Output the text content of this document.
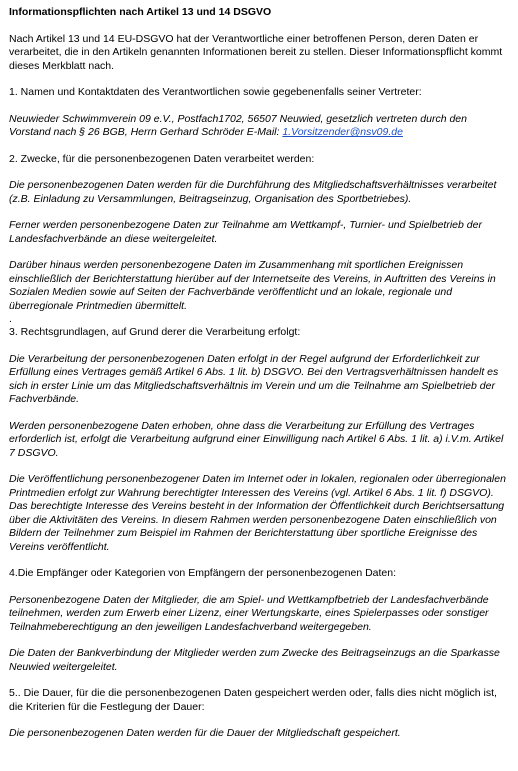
Informationspflichten nach Artikel 13 und 14 DSGVO

Nach Artikel 13 und 14 EU-DSGVO hat der Verantwortliche einer betroffenen Person, deren Daten er verarbeitet, die in den Artikeln genannten Informationen bereit zu stellen. Dieser Informationspflicht kommt dieses Merkblatt nach.

1. Namen und Kontaktdaten des Verantwortlichen sowie gegebenenfalls seiner Vertreter:

Neuwieder Schwimmverein 09 e.V., Postfach1702, 56507 Neuwied, gesetzlich vertreten durch den Vorstand nach § 26 BGB, Herrn Gerhard Schröder E-Mail: 1.Vorsitzender@nsv09.de

2. Zwecke, für die personenbezogenen Daten verarbeitet werden:

Die personenbezogenen Daten werden für die Durchführung des Mitgliedschaftsverhältnisses verarbeitet (z.B. Einladung zu Versammlungen, Beitragseinzug, Organisation des Sportbetriebes).

Ferner werden personenbezogene Daten zur Teilnahme am Wettkampf-, Turnier- und Spielbetrieb der Landesfachverbände an diese weitergeleitet.

Darüber hinaus werden personenbezogene Daten im Zusammenhang mit sportlichen Ereignissen einschließlich der Berichterstattung hierüber auf der Internetseite des Vereins, in Auftritten des Vereins in Sozialen Medien sowie auf Seiten der Fachverbände veröffentlicht und an lokale, regionale und überregionale Printmedien übermittelt.

.

3. Rechtsgrundlagen, auf Grund derer die Verarbeitung erfolgt:

Die Verarbeitung der personenbezogenen Daten erfolgt in der Regel aufgrund der Erforderlichkeit zur Erfüllung eines Vertrages gemäß Artikel 6 Abs. 1 lit. b) DSGVO. Bei den Vertragsverhältnissen handelt es sich in erster Linie um das Mitgliedschaftsverhältnis im Verein und um die Teilnahme am Spielbetrieb der Fachverbände.

Werden personenbezogene Daten erhoben, ohne dass die Verarbeitung zur Erfüllung des Vertrages erforderlich ist, erfolgt die Verarbeitung aufgrund einer Einwilligung nach Artikel 6 Abs. 1 lit. a) i.V.m. Artikel 7 DSGVO.

Die Veröffentlichung personenbezogener Daten im Internet oder in lokalen, regionalen oder überregionalen Printmedien erfolgt zur Wahrung berechtigter Interessen des Vereins (vgl. Artikel 6 Abs. 1 lit. f) DSGVO). Das berechtigte Interesse des Vereins besteht in der Information der Öffentlichkeit durch Berichtsersattung über die Aktivitäten des Vereins. In diesem Rahmen werden personenbezogene Daten einschließlich von Bildern der Teilnehmer zum Beispiel im Rahmen der Berichterstattung über sportliche Ereignisse des Vereins veröffentlicht.

4.Die Empfänger oder Kategorien von Empfängern der personenbezogenen Daten:

Personenbezogene Daten der Mitglieder, die am Spiel- und Wettkampfbetrieb der Landesfachverbände teilnehmen, werden zum Erwerb einer Lizenz, einer Wertungskarte, eines Spielerpasses oder sonstiger Teilnahmeberechtigung an den jeweiligen Landesfachverband weitergegeben.

Die Daten der Bankverbindung der Mitglieder werden zum Zwecke des Beitragseinzugs an die Sparkasse Neuwied weitergeleitet.

5.. Die Dauer, für die die personenbezogenen Daten gespeichert werden oder, falls dies nicht möglich ist, die Kriterien für die Festlegung der Dauer:

Die personenbezogenen Daten werden für die Dauer der Mitgliedschaft gespeichert.
